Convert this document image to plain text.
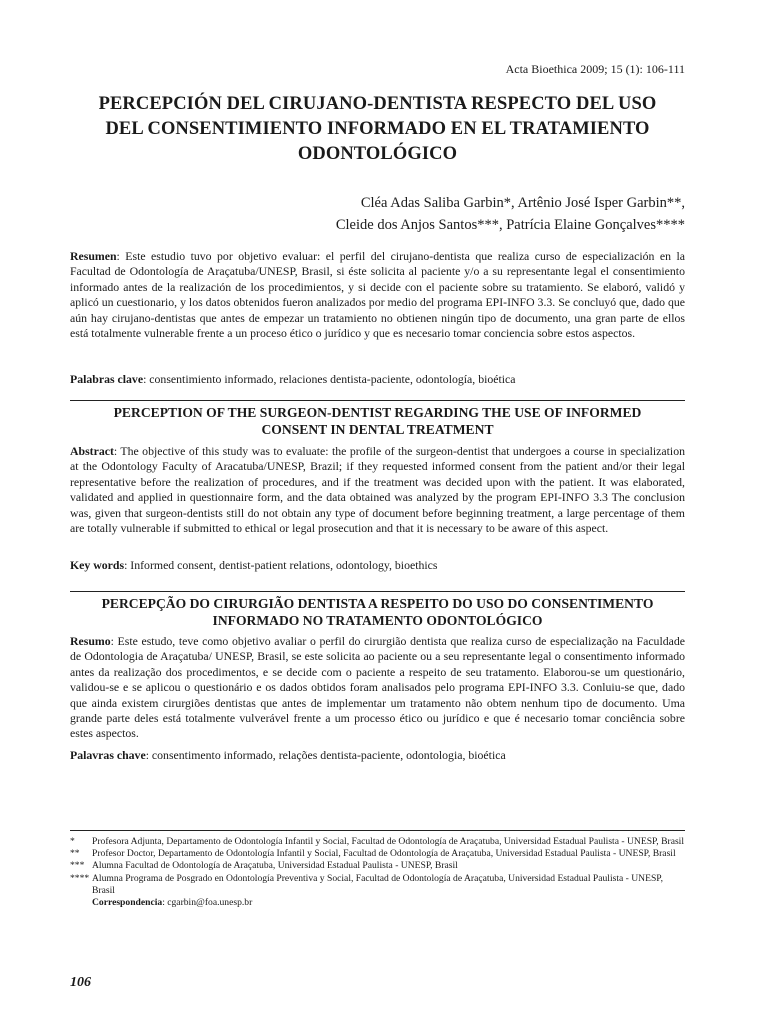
Acta Bioethica 2009; 15 (1): 106-111
PERCEPCIÓN DEL CIRUJANO-DENTISTA RESPECTO DEL USO
DEL CONSENTIMIENTO INFORMADO EN EL TRATAMIENTO
ODONTOLÓGICO
Cléa Adas Saliba Garbin*, Artênio José Isper Garbin**,
Cleide dos Anjos Santos***, Patrícia Elaine Gonçalves****
Resumen: Este estudio tuvo por objetivo evaluar: el perfil del cirujano-dentista que realiza curso de especialización en la Facultad de Odontología de Araçatuba/UNESP, Brasil, si éste solicita al paciente y/o a su representante legal el consentimiento informado antes de la realización de los procedimientos, y si decide con el paciente sobre su tratamiento. Se elaboró, validó y aplicó un cuestionario, y los datos obtenidos fueron analizados por medio del programa EPI-INFO 3.3. Se concluyó que, dado que aún hay cirujano-dentistas que antes de empezar un tratamiento no obtienen ningún tipo de documento, una gran parte de ellos está totalmente vulnerable frente a un proceso ético o jurídico y que es necesario tomar conciencia sobre estos aspectos.
Palabras clave: consentimiento informado, relaciones dentista-paciente, odontología, bioética
PERCEPTION OF THE SURGEON-DENTIST REGARDING THE USE OF INFORMED
CONSENT IN DENTAL TREATMENT
Abstract: The objective of this study was to evaluate: the profile of the surgeon-dentist that undergoes a course in specialization at the Odontology Faculty of Aracatuba/UNESP, Brazil; if they requested informed consent from the patient and/or their legal representative before the realization of procedures, and if the treatment was decided upon with the patient. It was elaborated, validated and applied in questionnaire form, and the data obtained was analyzed by the program EPI-INFO 3.3 The conclusion was, given that surgeon-dentists still do not obtain any type of document before beginning treatment, a large percentage of them are totally vulnerable if submitted to ethical or legal prosecution and that it is necessary to be aware of this aspect.
Key words: Informed consent, dentist-patient relations, odontology, bioethics
PERCEPÇÃO DO CIRURGIÃO DENTISTA A RESPEITO DO USO DO CONSENTIMENTO
INFORMADO NO TRATAMENTO ODONTOLÓGICO
Resumo: Este estudo, teve como objetivo avaliar o perfil do cirurgião dentista que realiza curso de especialização na Faculdade de Odontologia de Araçatuba/ UNESP, Brasil, se este solicita ao paciente ou a seu representante legal o consentimento informado antes da realização dos procedimentos, e se decide com o paciente a respeito de seu tratamento. Elaborou-se um questionário, validou-se e se aplicou o questionário e os dados obtidos foram analisados pelo programa EPI-INFO 3.3. Conluiu-se que, dado que ainda existem cirurgiões dentistas que antes de implementar um tratamento não obtem nenhum tipo de documento. Uma grande parte deles está totalmente vulverável frente a um processo ético ou jurídico e que é necesario tomar conciência sobre estes aspectos.
Palavras chave: consentimento informado, relações dentista-paciente, odontologia, bioética
*	Profesora Adjunta, Departamento de Odontología Infantil y Social, Facultad de Odontología de Araçatuba, Universidad Estadual Paulista - UNESP, Brasil
**	Profesor Doctor, Departamento de Odontología Infantil y Social, Facultad de Odontología de Araçatuba, Universidad Estadual Paulista - UNESP, Brasil
*** Alumna Facultad de Odontología de Araçatuba, Universidad Estadual Paulista - UNESP, Brasil
**** Alumna Programa de Posgrado en Odontología Preventiva y Social, Facultad de Odontología de Araçatuba, Universidad Estadual Paulista - UNESP, Brasil
Correspondencia: cgarbin@foa.unesp.br
106
